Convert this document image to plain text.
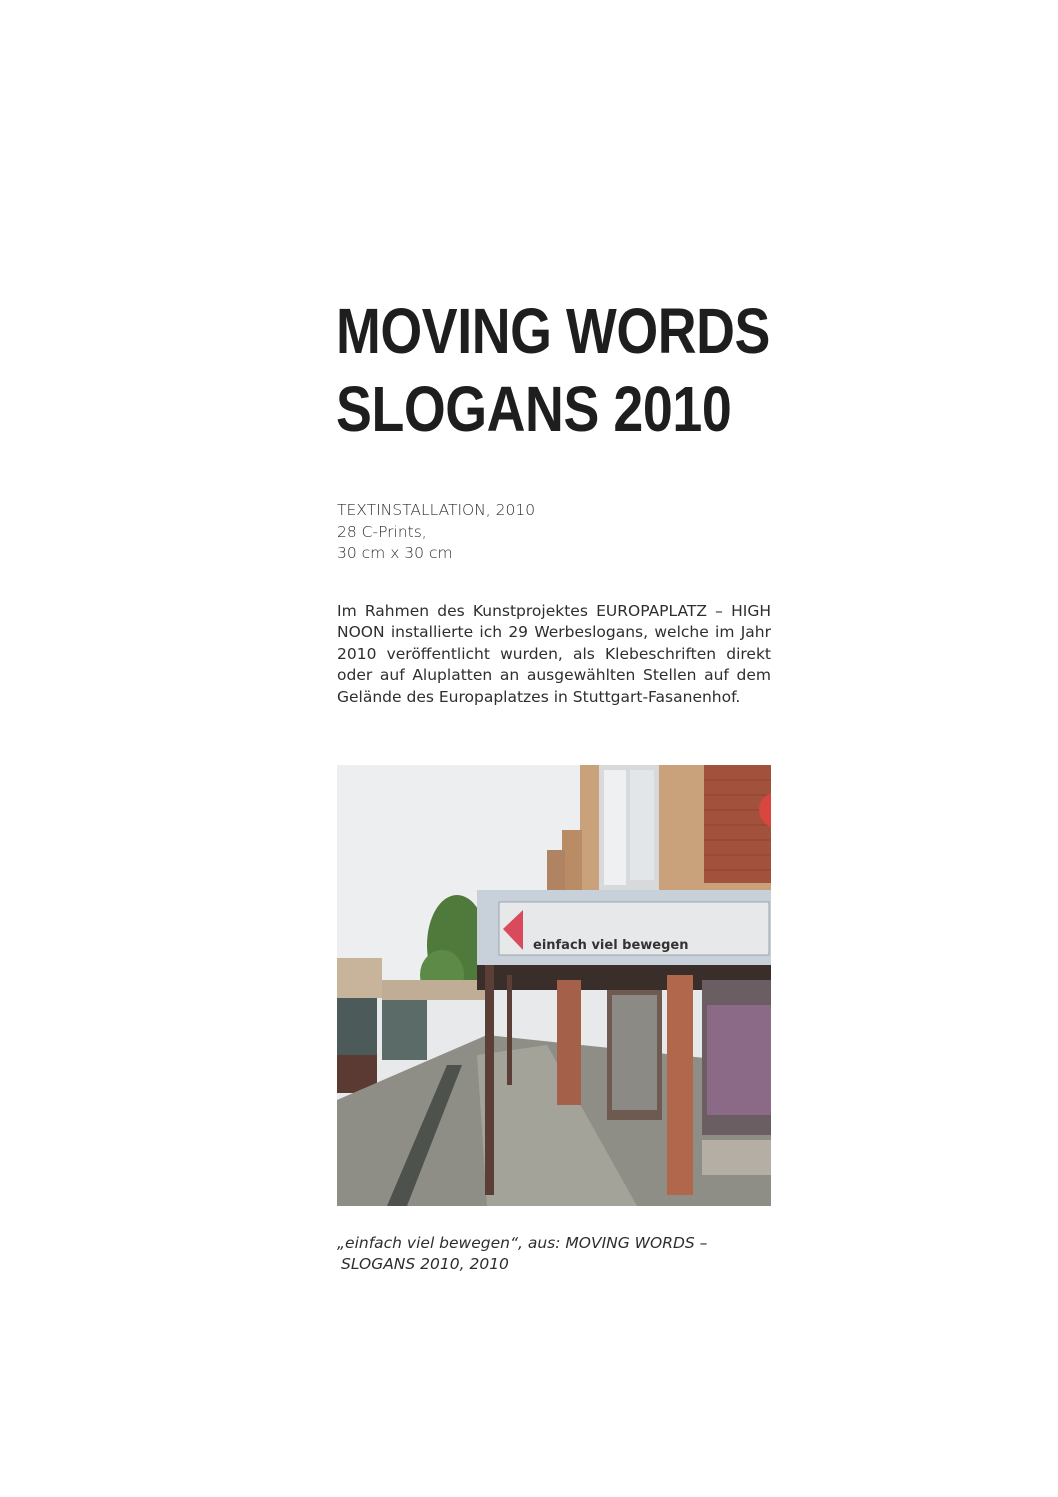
MOVING WORDS
SLOGANS 2010
TEXTINSTALLATION, 2010
28 C-Prints,
30 cm x 30 cm

Im Rahmen des Kunstprojektes EUROPAPLATZ – HIGH NOON installierte ich 29 Werbeslogans, welche im Jahr 2010 veröffentlicht wurden, als Klebeschriften direkt oder auf Aluplatten an ausgewählten Stellen auf dem Gelände des Europaplatzes in Stuttgart-Fasanenhof.

einfach viel bewegen
„einfach viel bewegen“, aus: MOVING WORDS –
SLOGANS 2010, 2010
